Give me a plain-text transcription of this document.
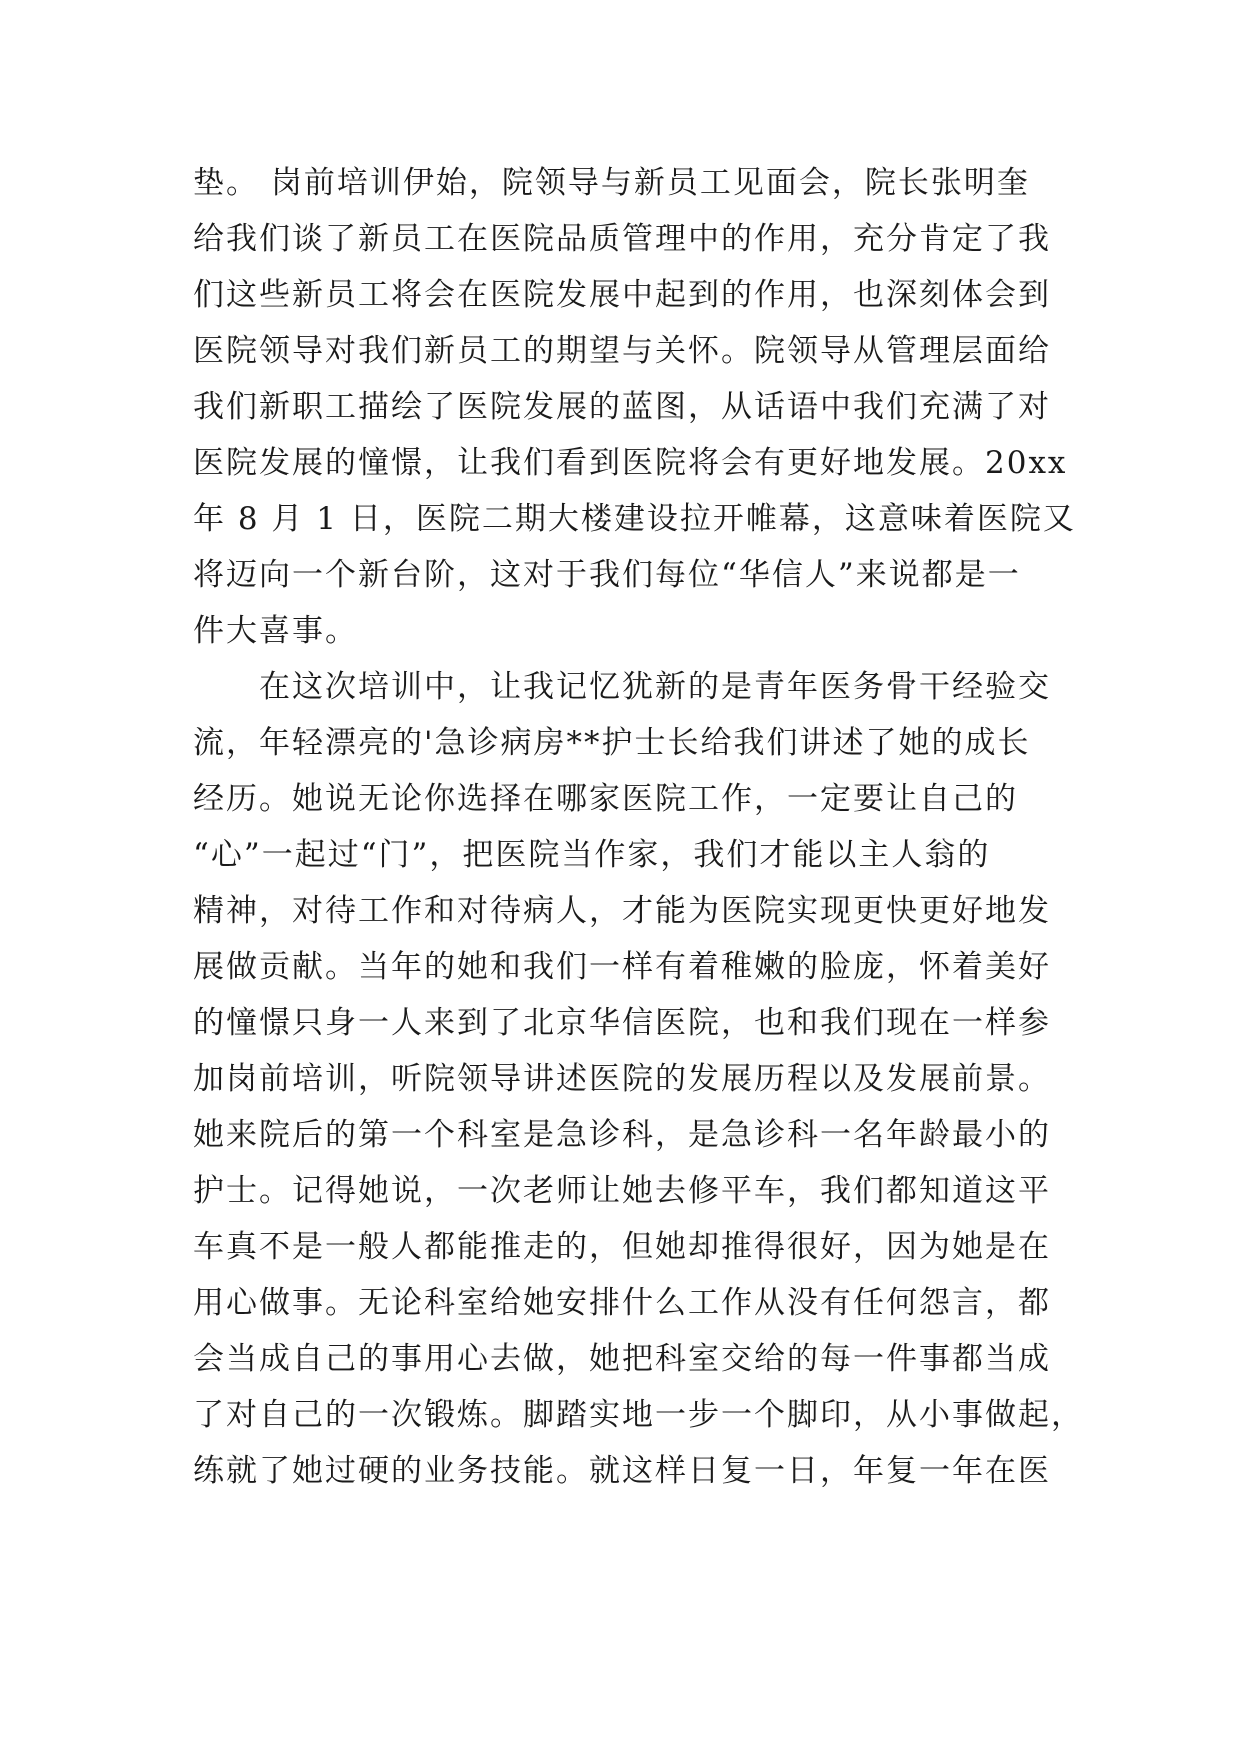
垫。 岗前培训伊始，院领导与新员工见面会，院长张明奎
给我们谈了新员工在医院品质管理中的作用，充分肯定了我
们这些新员工将会在医院发展中起到的作用，也深刻体会到
医院领导对我们新员工的期望与关怀。院领导从管理层面给
我们新职工描绘了医院发展的蓝图，从话语中我们充满了对
医院发展的憧憬，让我们看到医院将会有更好地发展。20xx
年 8 月 1 日，医院二期大楼建设拉开帷幕，这意味着医院又
将迈向一个新台阶，这对于我们每位“华信人”来说都是一
件大喜事。
　　在这次培训中，让我记忆犹新的是青年医务骨干经验交
流，年轻漂亮的'急诊病房**护士长给我们讲述了她的成长
经历。她说无论你选择在哪家医院工作，一定要让自己的
“心”一起过“门”，把医院当作家，我们才能以主人翁的
精神，对待工作和对待病人，才能为医院实现更快更好地发
展做贡献。当年的她和我们一样有着稚嫩的脸庞，怀着美好
的憧憬只身一人来到了北京华信医院，也和我们现在一样参
加岗前培训，听院领导讲述医院的发展历程以及发展前景。
她来院后的第一个科室是急诊科，是急诊科一名年龄最小的
护士。记得她说，一次老师让她去修平车，我们都知道这平
车真不是一般人都能推走的，但她却推得很好，因为她是在
用心做事。无论科室给她安排什么工作从没有任何怨言，都
会当成自己的事用心去做，她把科室交给的每一件事都当成
了对自己的一次锻炼。脚踏实地一步一个脚印，从小事做起，
练就了她过硬的业务技能。就这样日复一日，年复一年在医
